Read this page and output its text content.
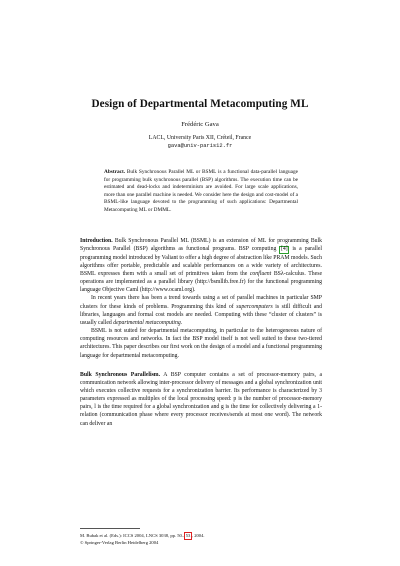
Design of Departmental Metacomputing ML
Frédéric Gava
LACL, University Paris XII, Créteil, France
gava@univ-paris12.fr
Abstract. Bulk Synchronous Parallel ML or BSML is a functional data-parallel language for programming bulk synchronous parallel (BSP) algorithms. The execution time can be estimated and dead-locks and indeterminism are avoided. For large scale applications, more than one parallel machine is needed. We consider here the design and cost-model of a BSML-like language devoted to the programming of such applications: Departmental Metacomputing ML or DMML.

Introduction. Bulk Synchronous Parallel ML (BSML) is an extension of ML for programming Bulk Synchronous Parallel (BSP) algorithms as functional programs. BSP computing [4] is a parallel programming model introduced by Valiant to offer a high degree of abstraction like PRAM models. Such algorithms offer portable, predictable and scalable performances on a wide variety of architectures. BSML expresses them with a small set of primitives taken from the confluent BSλ-calculus. These operations are implemented as a parallel library (http://bsmllib.free.fr) for the functional programming language Objective Caml (http://www.ocaml.org).

In recent years there has been a trend towards using a set of parallel machines in particular SMP clusters for these kinds of problems. Programming this kind of supercomputers is still difficult and libraries, languages and formal cost models are needed. Computing with these “cluster of clusters” is usually called departmental metacomputing.

BSML is not suited for departmental metacomputing, in particular to the heterogeneous nature of computing resources and networks. In fact the BSP model itself is not well suited to these two-tiered architectures. This paper describes our first work on the design of a model and a functional programming language for departmental metacomputing.

Bulk Synchronous Parallelism. A BSP computer contains a set of processor-memory pairs, a communication network allowing inter-processor delivery of messages and a global synchronization unit which executes collective requests for a synchronization barrier. Its performance is characterized by 3 parameters expressed as multiples of the local processing speed: p is the number of processor-memory pairs, l is the time required for a global synchronization and g is the time for collectively delivering a 1-relation (communication phase where every processor receives/sends at most one word). The network can deliver an

M. Bubak et al. (Eds.): ICCS 2004, LNCS 3038, pp. 50– 53 , 2004.
© Springer-Verlag Berlin Heidelberg 2004
